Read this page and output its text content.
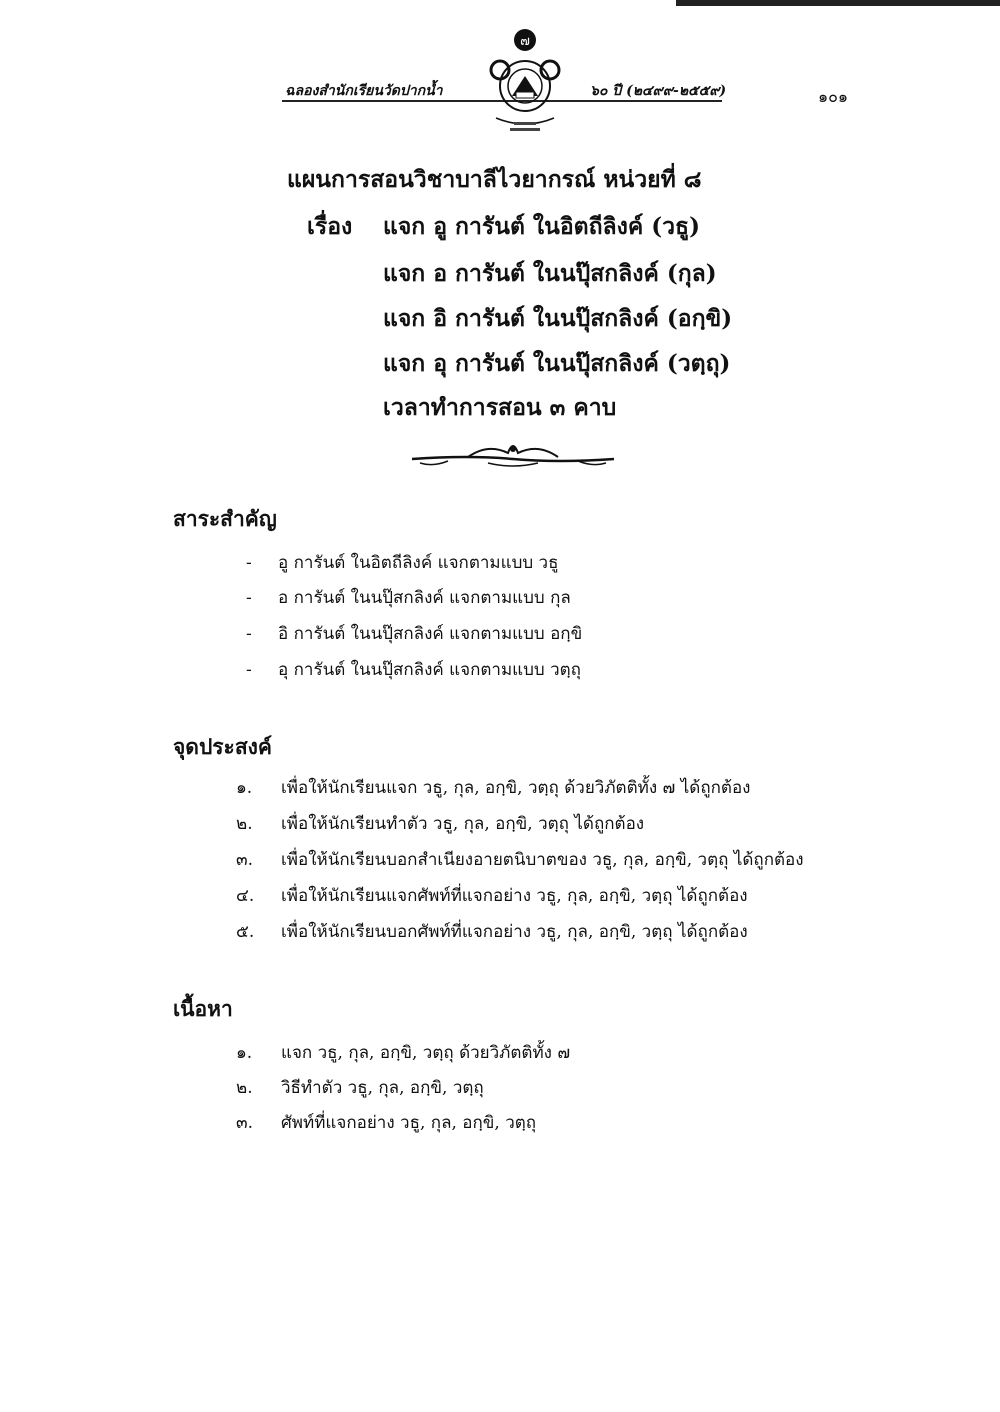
ฉลองสำนักเรียนวัดปากน้ำ	๖๐ ปี (๒๔๙๙-๒๕๕๙)	๑๐๑
๗
แผนการสอนวิชาบาลีไวยากรณ์ หน่วยที่ ๘
เรื่อง แจก อู การันต์ ในอิตถีลิงค์ (วธู)
แจก อ การันต์ ในนปุ๊สกลิงค์ (กุล)
แจก อิ การันต์ ในนปุ๊สกลิงค์ (อกฺขิ)
แจก อุ การันต์ ในนปุ๊สกลิงค์ (วตฺถุ)
เวลาทำการสอน ๓ คาบ
สาระสำคัญ
- อู การันต์ ในอิตถีลิงค์ แจกตามแบบ วธู
- อ การันต์ ในนปุ๊สกลิงค์ แจกตามแบบ กุล
- อิ การันต์ ในนปุ๊สกลิงค์ แจกตามแบบ อกฺขิ
- อุ การันต์ ในนปุ๊สกลิงค์ แจกตามแบบ วตฺถุ
จุดประสงค์
๑. เพื่อให้นักเรียนแจก วธู, กุล, อกฺขิ, วตฺถุ ด้วยวิภัตติทั้ง ๗ ได้ถูกต้อง
๒. เพื่อให้นักเรียนทำตัว วธู, กุล, อกฺขิ, วตฺถุ ได้ถูกต้อง
๓. เพื่อให้นักเรียนบอกสำเนียงอายตนิบาตของ วธู, กุล, อกฺขิ, วตฺถุ ได้ถูกต้อง
๔. เพื่อให้นักเรียนแจกศัพท์ที่แจกอย่าง วธู, กุล, อกฺขิ, วตฺถุ ได้ถูกต้อง
๕. เพื่อให้นักเรียนบอกศัพท์ที่แจกอย่าง วธู, กุล, อกฺขิ, วตฺถุ ได้ถูกต้อง
เนื้อหา
๑. แจก วธู, กุล, อกฺขิ, วตฺถุ ด้วยวิภัตติทั้ง ๗
๒. วิธีทำตัว วธู, กุล, อกฺขิ, วตฺถุ
๓. ศัพท์ที่แจกอย่าง วธู, กุล, อกฺขิ, วตฺถุ
